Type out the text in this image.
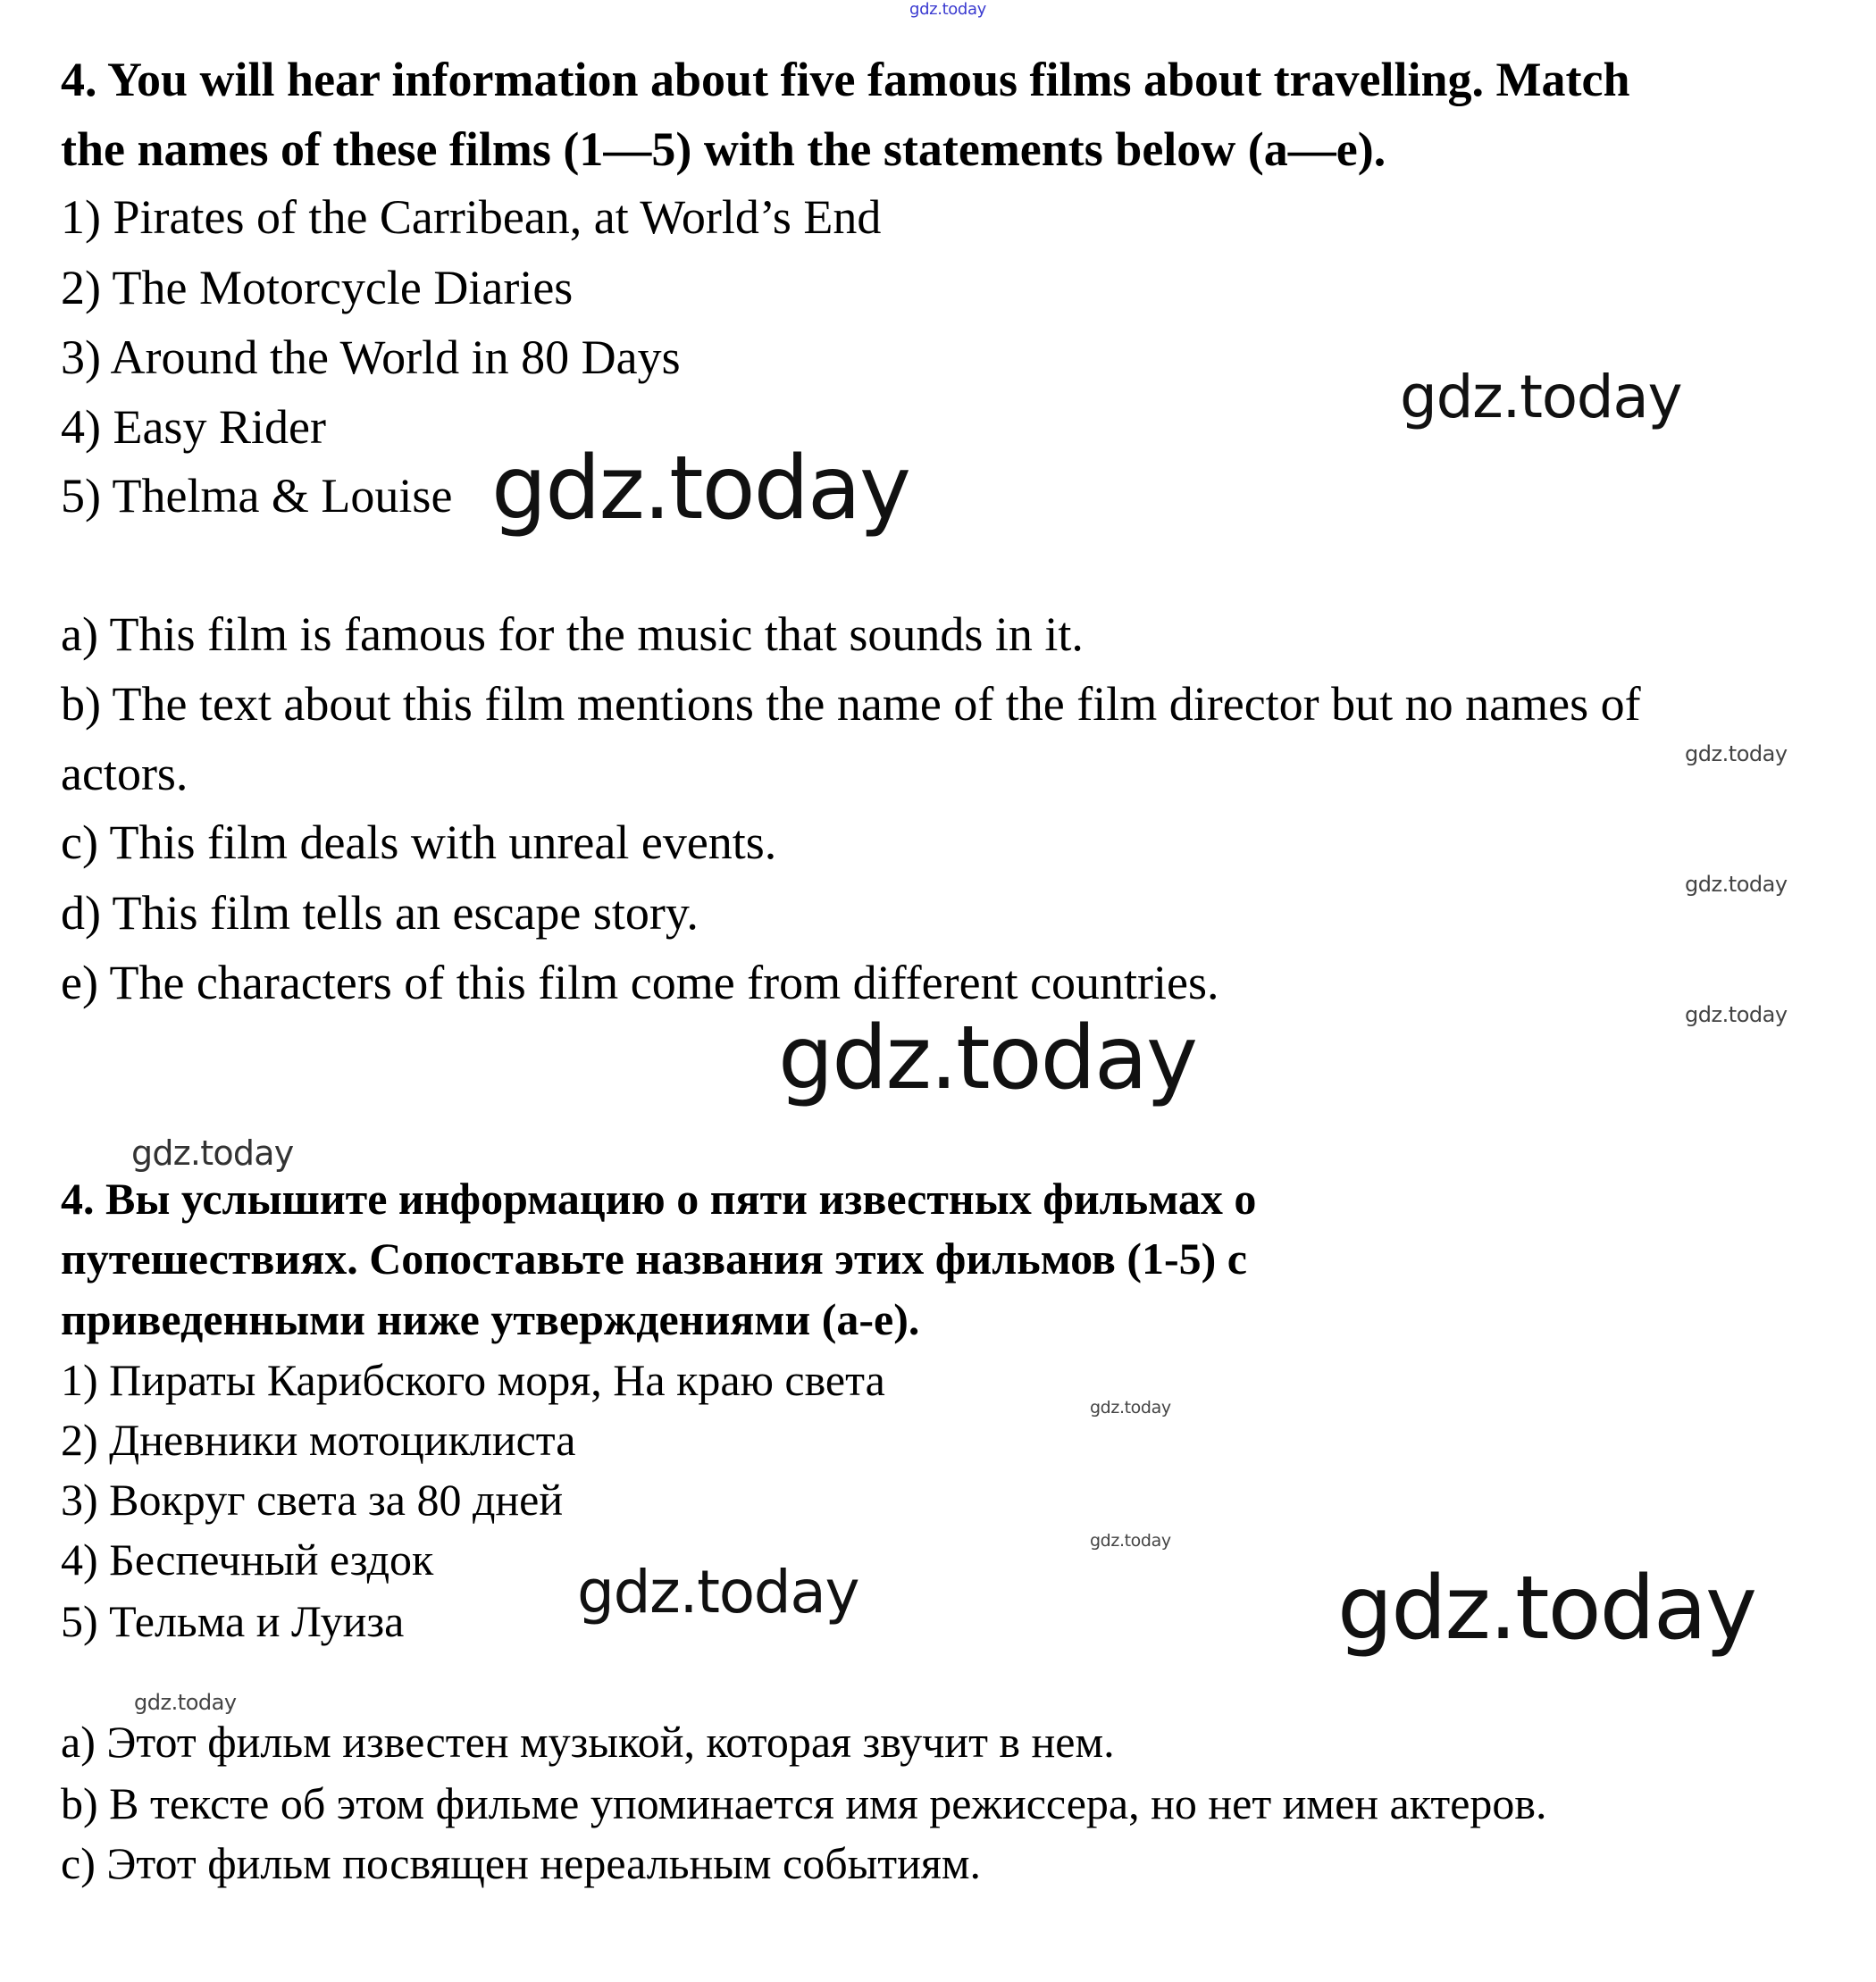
4. You will hear information about five famous films about travelling. Match
the names of these films (1—5) with the statements below (a—e).
1) Pirates of the Carribean, at World’s End
2) The Motorcycle Diaries
3) Around the World in 80 Days
4) Easy Rider
5) Thelma & Louise
a) This film is famous for the music that sounds in it.
b) The text about this film mentions the name of the film director but no names of
actors.
c) This film deals with unreal events.
d) This film tells an escape story.
e) The characters of this film come from different countries.
4. Вы услышите информацию о пяти известных фильмах о
путешествиях. Сопоставьте названия этих фильмов (1-5) с
приведенными ниже утверждениями (а-е).
1) Пираты Карибского моря, На краю света
2) Дневники мотоциклиста
3) Вокруг света за 80 дней
4) Беспечный ездок
5) Тельма и Луиза
a) Этот фильм известен музыкой, которая звучит в нем.
b) В тексте об этом фильме упоминается имя режиссера, но нет имен актеров.
c) Этот фильм посвящен нереальным событиям.
gdz.today
gdz.today
gdz.today
gdz.today
gdz.today
gdz.today
gdz.today
gdz.today
gdz.today
gdz.today
gdz.today	gdz.today
gdz.today
